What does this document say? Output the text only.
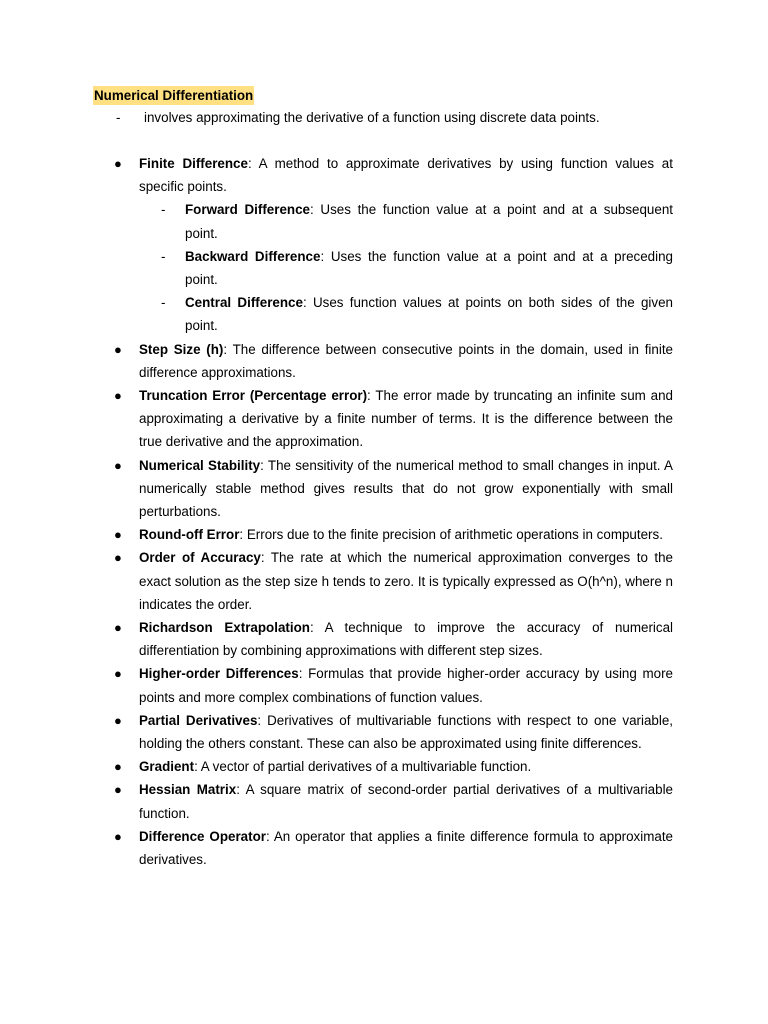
Numerical Differentiation
- involves approximating the derivative of a function using discrete data points.
● Finite Difference: A method to approximate derivatives by using function values at specific points.
- Forward Difference: Uses the function value at a point and at a subsequent point.
- Backward Difference: Uses the function value at a point and at a preceding point.
- Central Difference: Uses function values at points on both sides of the given point.
● Step Size (h): The difference between consecutive points in the domain, used in finite difference approximations.
● Truncation Error (Percentage error): The error made by truncating an infinite sum and approximating a derivative by a finite number of terms. It is the difference between the true derivative and the approximation.
● Numerical Stability: The sensitivity of the numerical method to small changes in input. A numerically stable method gives results that do not grow exponentially with small perturbations.
● Round-off Error: Errors due to the finite precision of arithmetic operations in computers.
● Order of Accuracy: The rate at which the numerical approximation converges to the exact solution as the step size h tends to zero. It is typically expressed as O(h^n), where n indicates the order.
● Richardson Extrapolation: A technique to improve the accuracy of numerical differentiation by combining approximations with different step sizes.
● Higher-order Differences: Formulas that provide higher-order accuracy by using more points and more complex combinations of function values.
● Partial Derivatives: Derivatives of multivariable functions with respect to one variable, holding the others constant. These can also be approximated using finite differences.
● Gradient: A vector of partial derivatives of a multivariable function.
● Hessian Matrix: A square matrix of second-order partial derivatives of a multivariable function.
● Difference Operator: An operator that applies a finite difference formula to approximate derivatives.
